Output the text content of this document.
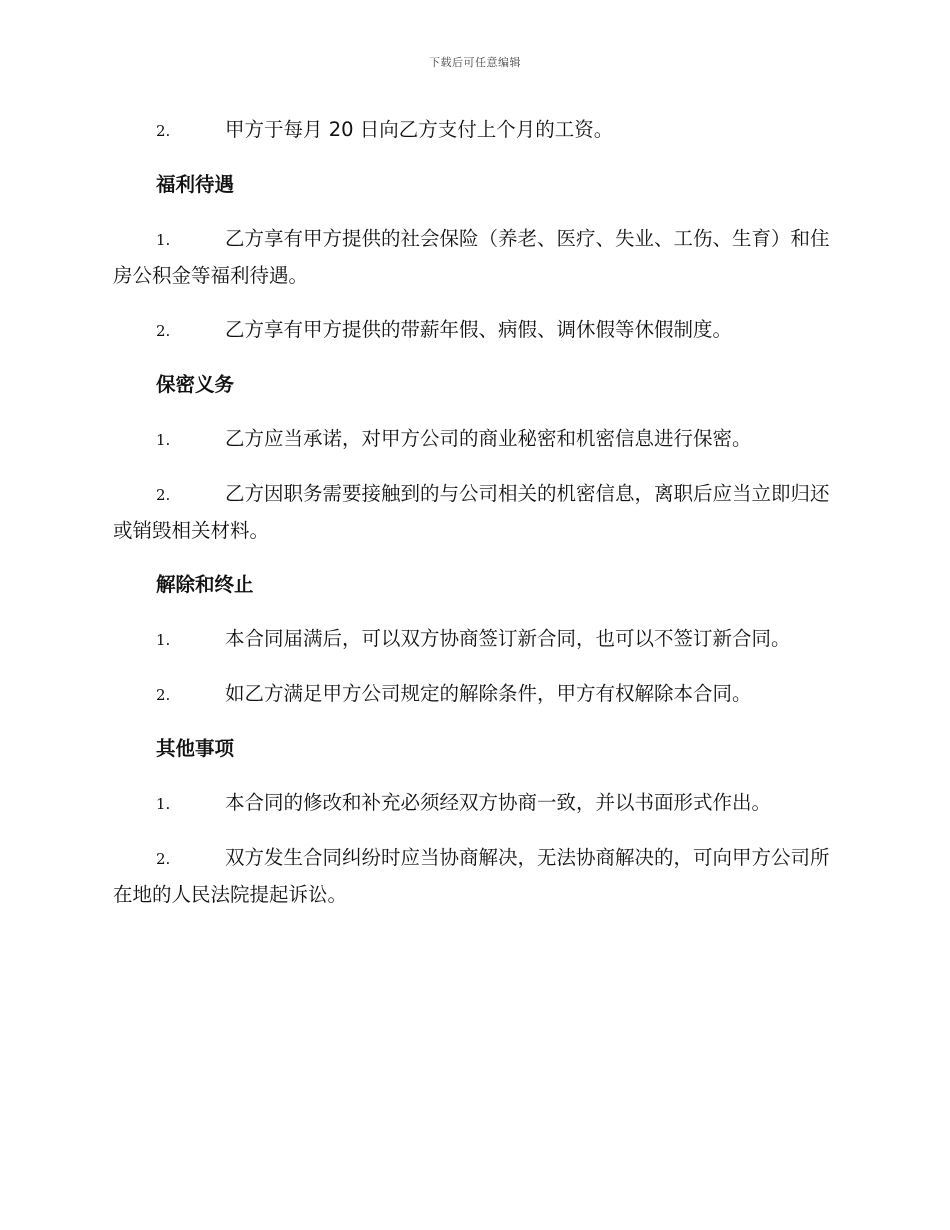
下载后可任意编辑

2.	甲方于每月 20 日向乙方支付上个月的工资。

福利待遇

1.	乙方享有甲方提供的社会保险（养老、医疗、失业、工伤、生育）和住房公积金等福利待遇。

2.	乙方享有甲方提供的带薪年假、病假、调休假等休假制度。

保密义务

1.	乙方应当承诺，对甲方公司的商业秘密和机密信息进行保密。

2.	乙方因职务需要接触到的与公司相关的机密信息，离职后应当立即归还或销毁相关材料。

解除和终止

1.	本合同届满后，可以双方协商签订新合同，也可以不签订新合同。

2.	如乙方满足甲方公司规定的解除条件，甲方有权解除本合同。

其他事项

1.	本合同的修改和补充必须经双方协商一致，并以书面形式作出。

2.	双方发生合同纠纷时应当协商解决，无法协商解决的，可向甲方公司所在地的人民法院提起诉讼。
